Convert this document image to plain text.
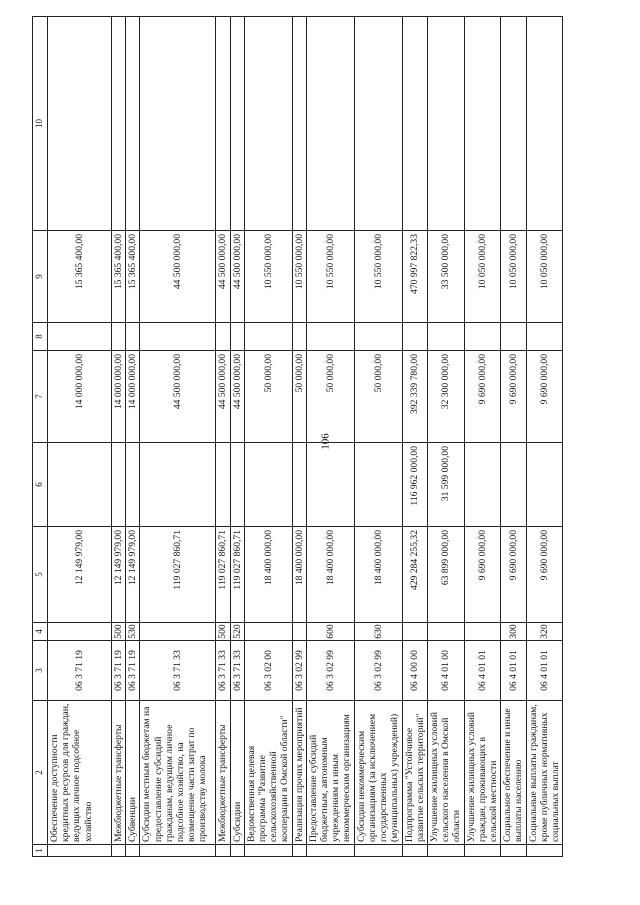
106
1	2	3	4	5	6	7	8	9	10
	Обеспечение доступности кредитных ресурсов для граждан, ведущих личное подсобное хозяйство	06 3 71 19		12 149 979,00		14 000 000,00		15 365 400,00	
	Межбюджетные трансферты	06 3 71 19	500	12 149 979,00		14 000 000,00		15 365 400,00	
	Субвенции	06 3 71 19	530	12 149 979,00		14 000 000,00		15 365 400,00	
	Субсидии местным бюджетам на предоставление субсидий гражданам, ведущим личное подсобное хозяйство, на возмещение части затрат по производству молока	06 3 71 33		119 027 860,71		44 500 000,00		44 500 000,00	
	Межбюджетные трансферты	06 3 71 33	500	119 027 860,71		44 500 000,00		44 500 000,00	
	Субсидии	06 3 71 33	520	119 027 860,71		44 500 000,00		44 500 000,00	
	Ведомственная целевая программа "Развитие сельскохозяйственной кооперации в Омской области"	06 3 02 00		18 400 000,00		50 000,00		10 550 000,00	
	Реализация прочих мероприятий	06 3 02 99		18 400 000,00		50 000,00		10 550 000,00	
	Предоставление субсидий бюджетным, автономным учреждениям и иным некоммерческим организациям	06 3 02 99	600	18 400 000,00		50 000,00		10 550 000,00	
	Субсидии некоммерческим организациям (за исключением государственных (муниципальных) учреждений)	06 3 02 99	630	18 400 000,00		50 000,00		10 550 000,00	
	Подпрограмма "Устойчивое развитие сельских территорий"	06 4 00 00		429 284 255,32	116 962 000,00	392 339 780,00		470 997 822,33	
	Улучшение жилищных условий сельского населения в Омской области	06 4 01 00		63 899 000,00	31 599 000,00	32 300 000,00		33 500 000,00	
	Улучшение жилищных условий граждан, проживающих в сельской местности	06 4 01 01		9 690 000,00		9 690 000,00		10 050 000,00	
	Социальное обеспечение и иные выплаты населению	06 4 01 01	300	9 690 000,00		9 690 000,00		10 050 000,00	
	Социальные выплаты гражданам, кроме публичных нормативных социальных выплат	06 4 01 01	320	9 690 000,00		9 690 000,00		10 050 000,00	
